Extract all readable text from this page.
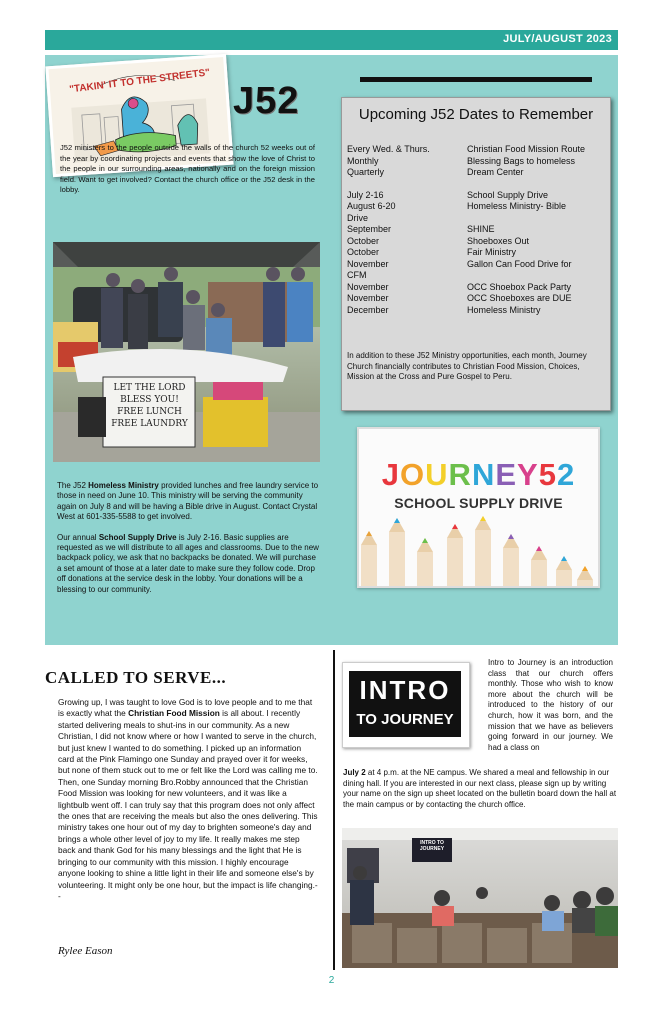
JULY/AUGUST 2023
"TAKIN' IT TO THE STREETS" J52
J52 ministers to the people outside the walls of the church 52 weeks out of the year by coordinating projects and events that show the love of Christ to the people in our surrounding areas, nationally and on the foreign mission field. Want to get involved? Contact the church office or the J52 desk in the lobby.
LET THE LORD BLESS YOU! FREE LUNCH FREE LAUNDRY

The J52 Homeless Ministry provided lunches and free laundry service to those in need on June 10. This ministry will be serving the community again on July 8 and will be having a Bible drive in August. Contact Crystal West at 601-335-5588 to get involved.

Our annual School Supply Drive is July 2-16. Basic supplies are requested as we will distribute to all ages and classrooms. Due to the new backpack policy, we ask that no backpacks be donated. We will purchase a set amount of those at a later date to make sure they follow code. Drop off donations at the service desk in the lobby. Your donations will be a blessing to our community.

Upcoming J52 Dates to Remember
Every Wed. & Thurs.	Christian Food Mission Route
Monthly	Blessing Bags to homeless
Quarterly	Dream Center
July 2-16	School Supply Drive
August 6-20	Homeless Ministry- Bible
Drive
September	SHINE
October	Shoeboxes Out
October	Fair Ministry
November	Gallon Can Food Drive for
CFM
November	OCC Shoebox Pack Party
November	OCC Shoeboxes are DUE
December	Homeless Ministry
In addition to these J52 Ministry opportunities, each month, Journey Church financially contributes to Christian Food Mission, Choices, Mission at the Cross and Pure Gospel to Peru.
JOURNEY52
SCHOOL SUPPLY DRIVE
CALLED TO SERVE...
Growing up, I was taught to love God is to love people and to me that is exactly what the Christian Food Mission is all about. I recently started delivering meals to shut-ins in our community. As a new Christian, I did not know where or how I wanted to serve in the church, but just knew I wanted to do something. I picked up an information card at the Pink Flamingo one Sunday and prayed over it for weeks, but none of them stuck out to me or felt like the Lord was calling me to. Then, one Sunday morning Bro.Robby announced that the Christian Food Mission was looking for new volunteers, and it was like a lightbulb went off. I can truly say that this program does not only affect the ones that are receiving the meals but also the ones delivering. This ministry takes one hour out of my day to brighten someone's day and brings a whole other level of joy to my life. It really makes me step back and thank God for his many blessings and the light that He is bringing to our community with this mission. I highly encourage anyone looking to shine a little light in their life and someone else's by volunteering. It might only be one hour, but the impact is life changing.--
Rylee Eason
INTRO
TO JOURNEY
Intro to Journey is an introduction class that our church offers monthly. Those who wish to know more about the church will be introduced to the history of our church, how it was born, and the mission that we have as believers going forward in our journey. We had a class on
July 2 at 4 p.m. at the NE campus. We shared a meal and fellowship in our dining hall. If you are interested in our next class, please sign up by writing your name on the sign up sheet located on the bulletin board down the hall at the main campus or by contacting the church office.
INTRO TO JOURNEY
2
